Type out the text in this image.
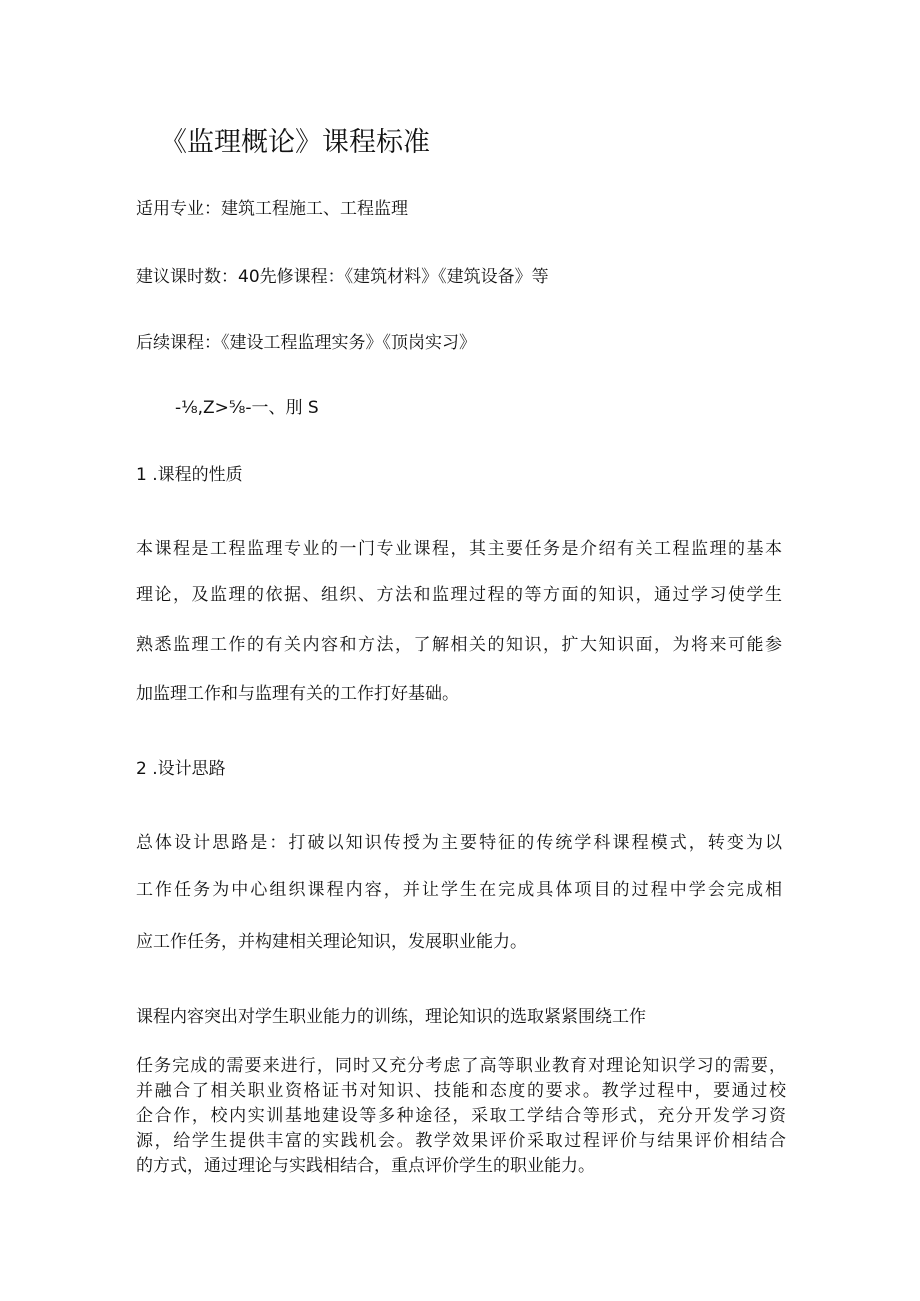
《监理概论》课程标准
适用专业：建筑工程施工、工程监理
建议课时数：40先修课程：《建筑材料》《建筑设备》等
后续课程：《建设工程监理实务》《顶岗实习》
-⅛,Z>⅝-一、刖 S
1 .课程的性质
本课程是工程监理专业的一门专业课程，其主要任务是介绍有关工程监理的基本
理论，及监理的依据、组织、方法和监理过程的等方面的知识，通过学习使学生
熟悉监理工作的有关内容和方法，了解相关的知识，扩大知识面，为将来可能参
加监理工作和与监理有关的工作打好基础。
2 .设计思路
总体设计思路是：打破以知识传授为主要特征的传统学科课程模式，转变为以
工作任务为中心组织课程内容，并让学生在完成具体项目的过程中学会完成相
应工作任务，并构建相关理论知识，发展职业能力。
课程内容突出对学生职业能力的训练，理论知识的选取紧紧围绕工作
任务完成的需要来进行，同时又充分考虑了高等职业教育对理论知识学习的需要，
并融合了相关职业资格证书对知识、技能和态度的要求。教学过程中，要通过校
企合作，校内实训基地建设等多种途径，采取工学结合等形式，充分开发学习资
源，给学生提供丰富的实践机会。教学效果评价采取过程评价与结果评价相结合
的方式，通过理论与实践相结合，重点评价学生的职业能力。
